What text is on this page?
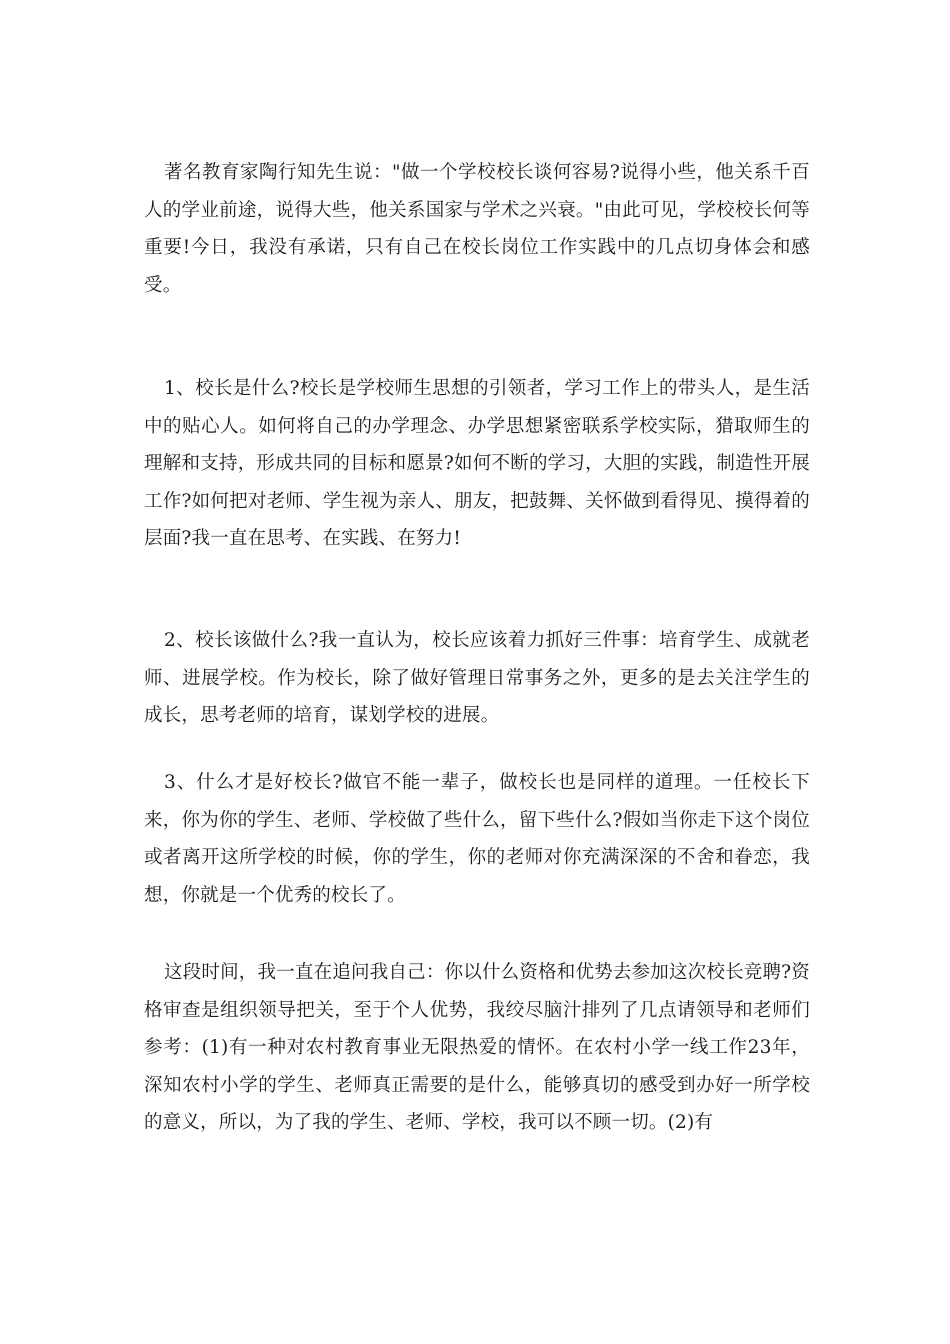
著名教育家陶行知先生说："做一个学校校长谈何容易?说得小些，他关系千百人的学业前途，说得大些，他关系国家与学术之兴衰。"由此可见，学校校长何等重要!今日，我没有承诺，只有自己在校长岗位工作实践中的几点切身体会和感受。

1、校长是什么?校长是学校师生思想的引领者，学习工作上的带头人，是生活中的贴心人。如何将自己的办学理念、办学思想紧密联系学校实际，猎取师生的理解和支持，形成共同的目标和愿景?如何不断的学习，大胆的实践，制造性开展工作?如何把对老师、学生视为亲人、朋友，把鼓舞、关怀做到看得见、摸得着的层面?我一直在思考、在实践、在努力!

2、校长该做什么?我一直认为，校长应该着力抓好三件事：培育学生、成就老师、进展学校。作为校长，除了做好管理日常事务之外，更多的是去关注学生的成长，思考老师的培育，谋划学校的进展。

3、什么才是好校长?做官不能一辈子，做校长也是同样的道理。一任校长下来，你为你的学生、老师、学校做了些什么，留下些什么?假如当你走下这个岗位或者离开这所学校的时候，你的学生，你的老师对你充满深深的不舍和眷恋，我想，你就是一个优秀的校长了。

这段时间，我一直在追问我自己：你以什么资格和优势去参加这次校长竞聘?资格审查是组织领导把关，至于个人优势，我绞尽脑汁排列了几点请领导和老师们参考：(1)有一种对农村教育事业无限热爱的情怀。在农村小学一线工作23年，深知农村小学的学生、老师真正需要的是什么，能够真切的感受到办好一所学校的意义，所以，为了我的学生、老师、学校，我可以不顾一切。(2)有
